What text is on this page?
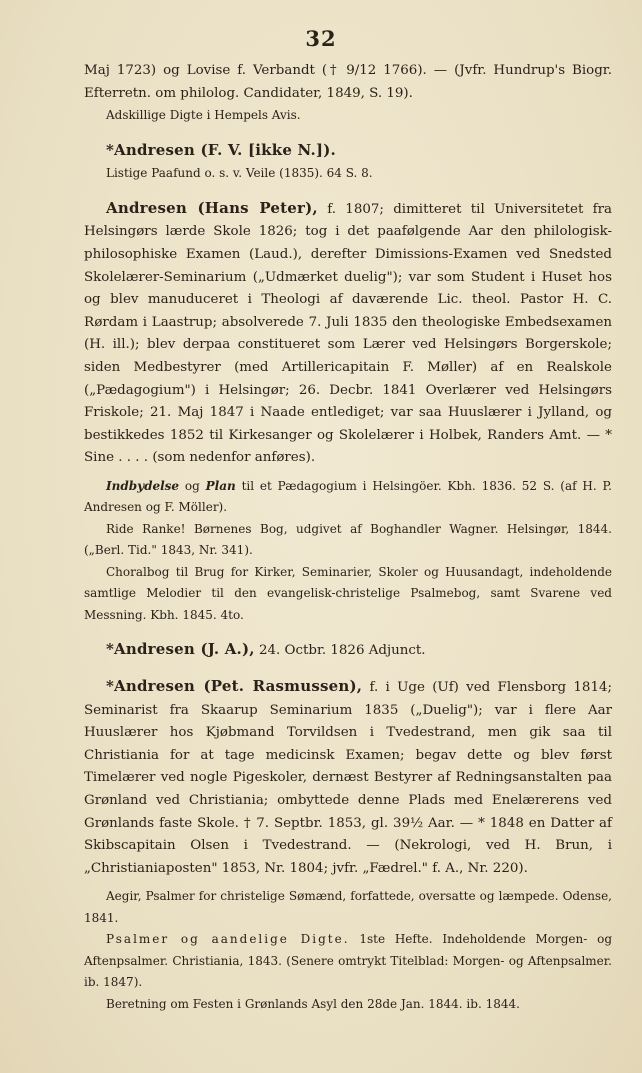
32

Maj 1723) og Lovise f. Verbandt († 9/12 1766). — (Jvfr. Hundrup's Biogr. Efterretn. om philolog. Candidater, 1849, S. 19).

Adskillige Digte i Hempels Avis.

*Andresen (F. V. [ikke N.]).

Listige Paafund o. s. v. Veile (1835). 64 S. 8.

Andresen (Hans Peter), f. 1807; dimitteret til Universitetet fra Helsingørs lærde Skole 1826; tog i det paafølgende Aar den philologisk-philosophiske Examen (Laud.), derefter Dimissions-Examen ved Snedsted Skolelærer-Seminarium („Udmærket duelig"); var som Student i Huset hos og blev manuduceret i Theologi af daværende Lic. theol. Pastor H. C. Rørdam i Laastrup; absolverede 7. Juli 1835 den theologiske Embedsexamen (H. ill.); blev derpaa constitueret som Lærer ved Helsingørs Borgerskole; siden Medbestyrer (med Artillericapitain F. Møller) af en Realskole („Pædagogium") i Helsingør; 26. Decbr. 1841 Overlærer ved Helsingørs Friskole; 21. Maj 1847 i Naade entlediget; var saa Huuslærer i Jylland, og bestikkedes 1852 til Kirkesanger og Skolelærer i Holbek, Randers Amt. — * Sine . . . . (som nedenfor anføres).

Indbydelse og Plan til et Pædagogium i Helsingöer. Kbh. 1836. 52 S. (af H. P. Andresen og F. Möller).

Ride Ranke! Børnenes Bog, udgivet af Boghandler Wagner. Helsingør, 1844. („Berl. Tid." 1843, Nr. 341).

Choralbog til Brug for Kirker, Seminarier, Skoler og Huusandagt, indeholdende samtlige Melodier til den evangelisk-christelige Psalmebog, samt Svarene ved Messning. Kbh. 1845. 4to.

*Andresen (J. A.), 24. Octbr. 1826 Adjunct.

*Andresen (Pet. Rasmussen), f. i Uge (Uf) ved Flensborg 1814; Seminarist fra Skaarup Seminarium 1835 („Duelig"); var i flere Aar Huuslærer hos Kjøbmand Torvildsen i Tvedestrand, men gik saa til Christiania for at tage medicinsk Examen; begav dette og blev først Timelærer ved nogle Pigeskoler, dernæst Bestyrer af Redningsanstalten paa Grønland ved Christiania; ombyttede denne Plads med Enelærerens ved Grønlands faste Skole. † 7. Septbr. 1853, gl. 39½ Aar. — * 1848 en Datter af Skibscapitain Olsen i Tvedestrand. — (Nekrologi, ved H. Brun, i „Christianiaposten" 1853, Nr. 1804; jvfr. „Fædrel." f. A., Nr. 220).

Aegir, Psalmer for christelige Sømænd, forfattede, oversatte og læmpede. Odense, 1841.

Psalmer og aandelige Digte. 1ste Hefte. Indeholdende Morgen- og Aftenpsalmer. Christiania, 1843. (Senere omtrykt Titelblad: Morgen- og Aftenpsalmer. ib. 1847).

Beretning om Festen i Grønlands Asyl den 28de Jan. 1844. ib. 1844.
